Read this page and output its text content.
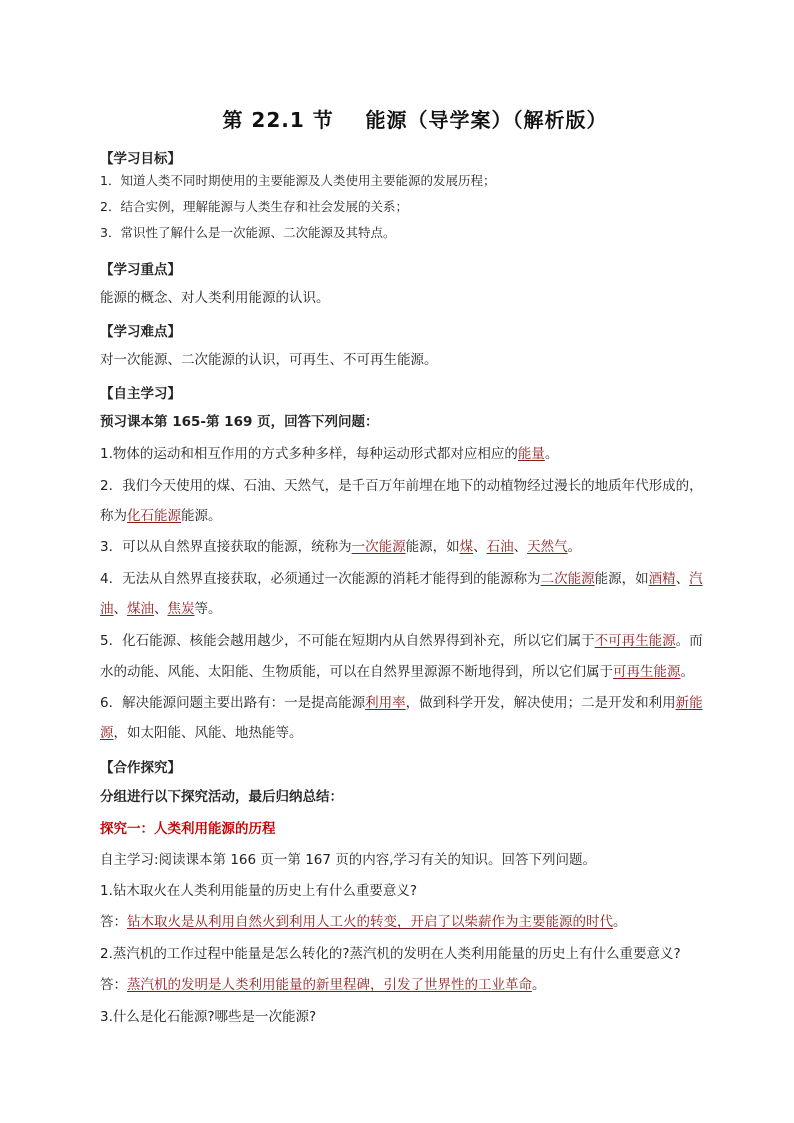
第 22.1 节    能源（导学案）（解析版）
【学习目标】
1．知道人类不同时期使用的主要能源及人类使用主要能源的发展历程；
2．结合实例，理解能源与人类生存和社会发展的关系；
3．常识性了解什么是一次能源、二次能源及其特点。
【学习重点】
能源的概念、对人类利用能源的认识。
【学习难点】
对一次能源、二次能源的认识，可再生、不可再生能源。
【自主学习】
预习课本第 165-第 169 页，回答下列问题：
1.物体的运动和相互作用的方式多种多样，每种运动形式都对应相应的能量。
2．我们今天使用的煤、石油、天然气，是千百万年前埋在地下的动植物经过漫长的地质年代形成的，
称为化石能源能源。
3．可以从自然界直接获取的能源，统称为一次能源能源，如煤、石油、天然气。
4．无法从自然界直接获取，必须通过一次能源的消耗才能得到的能源称为二次能源能源，如酒精、汽
油、煤油、焦炭等。
5．化石能源、核能会越用越少，不可能在短期内从自然界得到补充，所以它们属于不可再生能源。而
水的动能、风能、太阳能、生物质能，可以在自然界里源源不断地得到，所以它们属于可再生能源。
6．解决能源问题主要出路有：一是提高能源利用率，做到科学开发，解决使用；二是开发和利用新能
源，如太阳能、风能、地热能等。
【合作探究】
分组进行以下探究活动，最后归纳总结：
探究一：人类利用能源的历程
自主学习:阅读课本第 166 页一第 167 页的内容,学习有关的知识。回答下列问题。
1.钻木取火在人类利用能量的历史上有什么重要意义?
答：钻木取火是从利用自然火到利用人工火的转变，开启了以柴薪作为主要能源的时代。
2.蒸汽机的工作过程中能量是怎么转化的?蒸汽机的发明在人类利用能量的历史上有什么重要意义?
答：蒸汽机的发明是人类利用能量的新里程碑，引发了世界性的工业革命。
3.什么是化石能源?哪些是一次能源?
